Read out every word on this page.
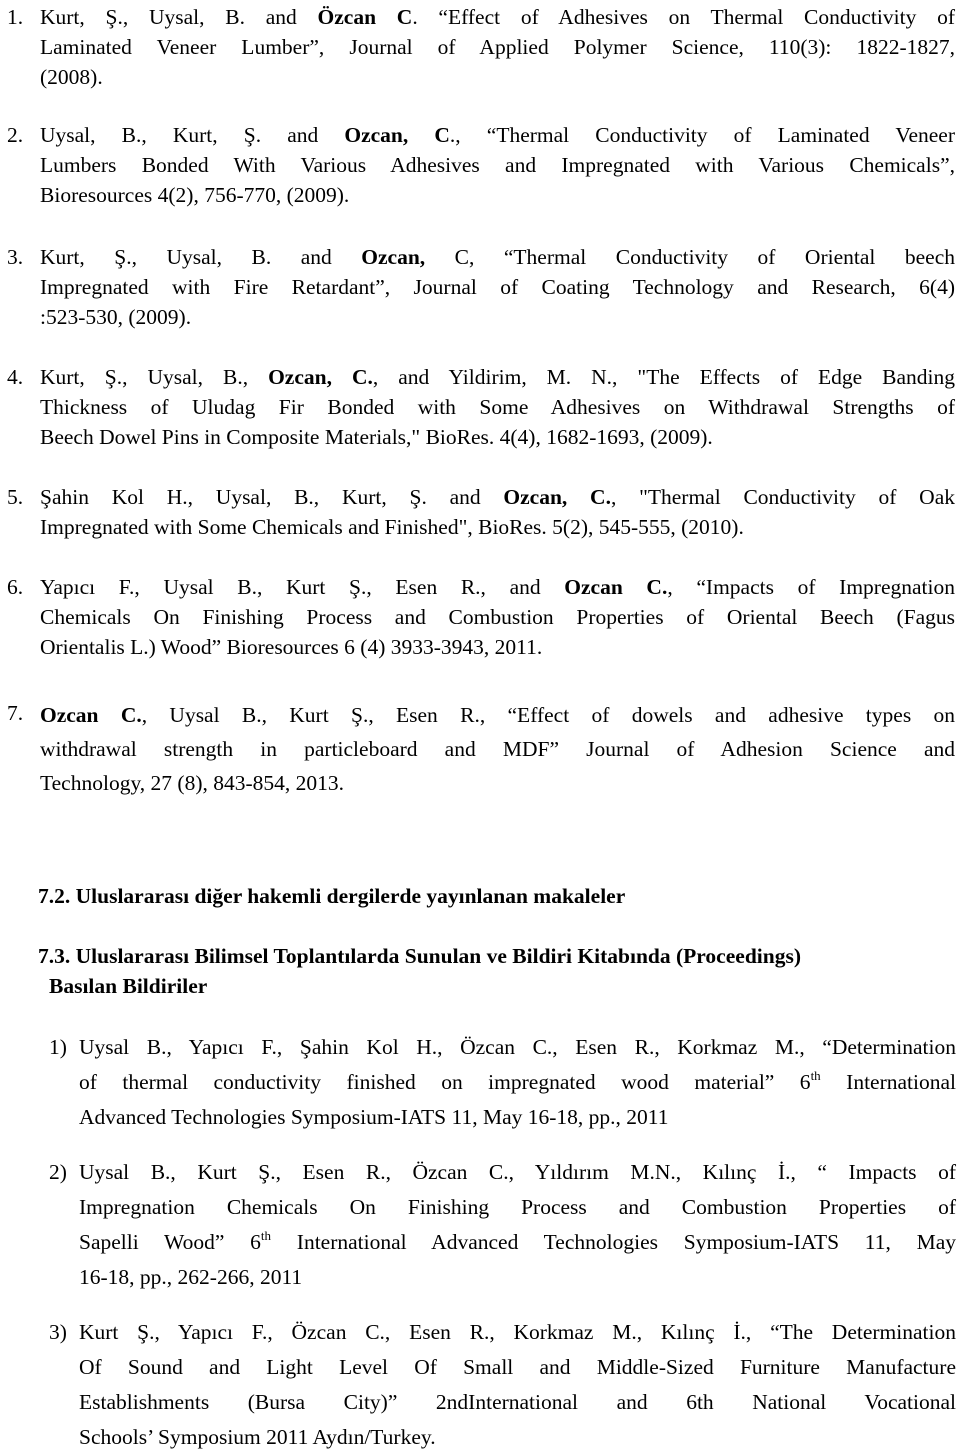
1. Kurt, Ş., Uysal, B. and Özcan C. “Effect of Adhesives on Thermal Conductivity of
Laminated Veneer Lumber”, Journal of Applied Polymer Science, 110(3): 1822-1827,
(2008).
2. Uysal, B., Kurt, Ş. and Ozcan, C., “Thermal Conductivity of Laminated Veneer
Lumbers Bonded With Various Adhesives and Impregnated with Various Chemicals”,
Bioresources 4(2), 756-770, (2009).
3. Kurt, Ş., Uysal, B. and Ozcan, C, “Thermal Conductivity of Oriental beech
Impregnated with Fire Retardant”, Journal of Coating Technology and Research, 6(4)
:523-530, (2009).
4. Kurt, Ş., Uysal, B., Ozcan, C., and Yildirim, M. N., "The Effects of Edge Banding
Thickness of Uludag Fir Bonded with Some Adhesives on Withdrawal Strengths of
Beech Dowel Pins in Composite Materials," BioRes. 4(4), 1682-1693, (2009).
5. Şahin Kol H., Uysal, B., Kurt, Ş. and Ozcan, C., "Thermal Conductivity of Oak
Impregnated with Some Chemicals and Finished", BioRes. 5(2), 545-555, (2010).
6. Yapıcı F., Uysal B., Kurt Ş., Esen R., and Ozcan C., “Impacts of Impregnation
Chemicals On Finishing Process and Combustion Properties of Oriental Beech (Fagus
Orientalis L.) Wood” Bioresources 6 (4) 3933-3943, 2011.
7. Ozcan C., Uysal B., Kurt Ş., Esen R., “Effect of dowels and adhesive types on
withdrawal strength in particleboard and MDF” Journal of Adhesion Science and
Technology, 27 (8), 843-854, 2013.
7.2. Uluslararası diğer hakemli dergilerde yayınlanan makaleler
7.3. Uluslararası Bilimsel Toplantılarda Sunulan ve Bildiri Kitabında (Proceedings)
Basılan Bildiriler
1) Uysal B., Yapıcı F., Şahin Kol H., Özcan C., Esen R., Korkmaz M., “Determination
of thermal conductivity finished on impregnated wood material” 6th International
Advanced Technologies Symposium-IATS 11, May 16-18, pp., 2011
2) Uysal B., Kurt Ş., Esen R., Özcan C., Yıldırım M.N., Kılınç İ., “ Impacts of
Impregnation Chemicals On Finishing Process and Combustion Properties of
Sapelli Wood” 6th International Advanced Technologies Symposium-IATS 11, May
16-18, pp., 262-266, 2011
3) Kurt Ş., Yapıcı F., Özcan C., Esen R., Korkmaz M., Kılınç İ., “The Determination
Of Sound and Light Level Of Small and Middle-Sized Furniture Manufacture
Establishments (Bursa City)” 2ndInternational and 6th National Vocational
Schools’ Symposium 2011 Aydın/Turkey.
